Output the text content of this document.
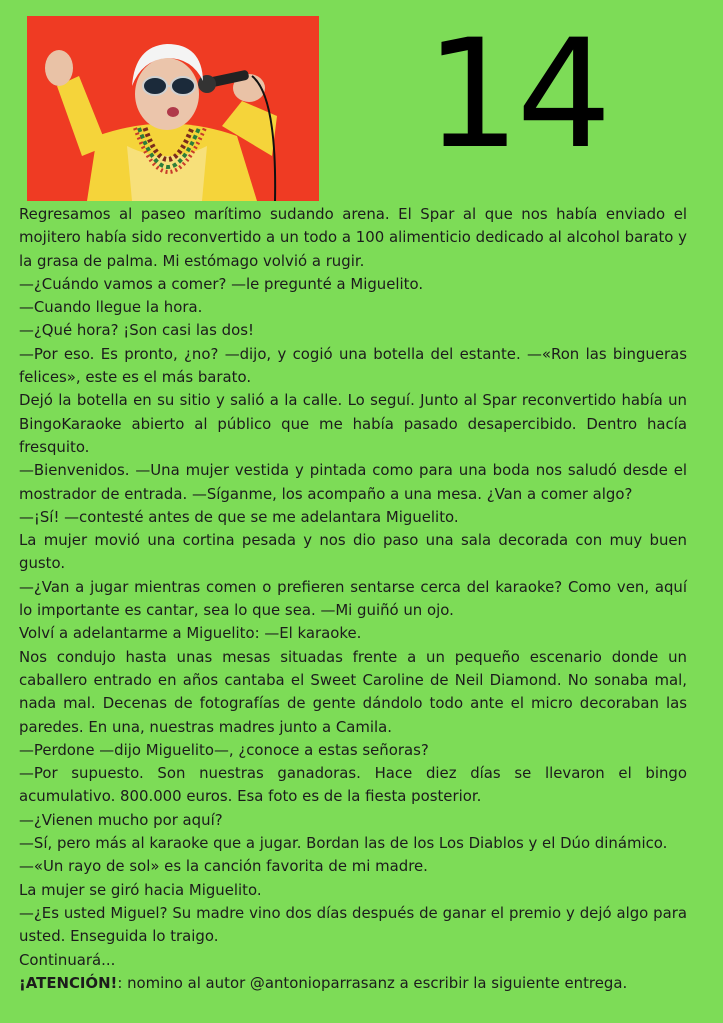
14

Regresamos al paseo marítimo sudando arena. El Spar al que nos había enviado el mojitero había sido reconvertido a un todo a 100 alimenticio dedicado al alcohol barato y la grasa de palma. Mi estómago volvió a rugir.

—¿Cuándo vamos a comer? —le pregunté a Miguelito.

—Cuando llegue la hora.

—¿Qué hora? ¡Son casi las dos!

—Por eso. Es pronto, ¿no? —dijo, y cogió una botella del estante. —«Ron las bingueras felices», este es el más barato.

Dejó la botella en su sitio y salió a la calle. Lo seguí. Junto al Spar reconvertido había un BingoKaraoke abierto al público que me había pasado desapercibido. Dentro hacía fresquito.

—Bienvenidos. —Una mujer vestida y pintada como para una boda nos saludó desde el mostrador de entrada. —Síganme, los acompaño a una mesa. ¿Van a comer algo?

—¡Sí! —contesté antes de que se me adelantara Miguelito.

La mujer movió una cortina pesada y nos dio paso una sala decorada con muy buen gusto.

—¿Van a jugar mientras comen o prefieren sentarse cerca del karaoke? Como ven, aquí lo importante es cantar, sea lo que sea. —Mi guiñó un ojo.

Volví a adelantarme a Miguelito: —El karaoke.

Nos condujo hasta unas mesas situadas frente a un pequeño escenario donde un caballero entrado en años cantaba el Sweet Caroline de Neil Diamond. No sonaba mal, nada mal. Decenas de fotografías de gente dándolo todo ante el micro decoraban las paredes. En una, nuestras madres junto a Camila.

—Perdone —dijo Miguelito—, ¿conoce a estas señoras?

—Por supuesto. Son nuestras ganadoras. Hace diez días se llevaron el bingo acumulativo. 800.000 euros. Esa foto es de la fiesta posterior.

—¿Vienen mucho por aquí?

—Sí, pero más al karaoke que a jugar. Bordan las de los Los Diablos y el Dúo dinámico.

—«Un rayo de sol» es la canción favorita de mi madre.

La mujer se giró hacia Miguelito.

—¿Es usted Miguel? Su madre vino dos días después de ganar el premio y dejó algo para usted. Enseguida lo traigo.

Continuará...

¡ATENCIÓN!: nomino al autor @antonioparrasanz a escribir la siguiente entrega.
